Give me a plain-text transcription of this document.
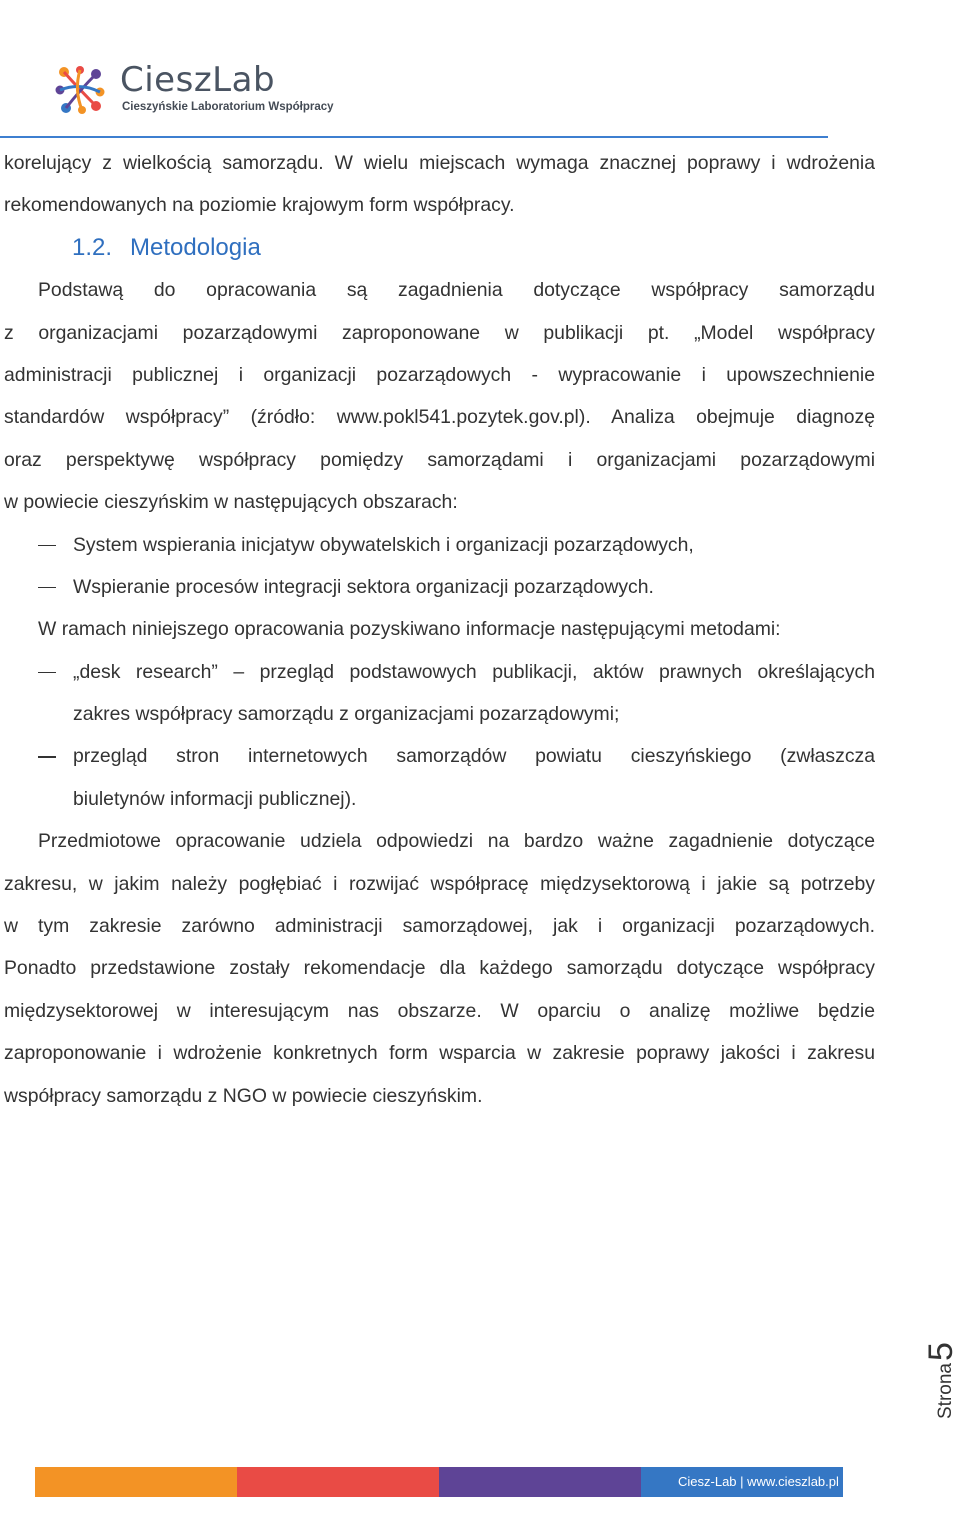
CieszLab
Cieszyńskie Laboratorium Współpracy
korelujący z wielkością samorządu. W wielu miejscach wymaga znacznej poprawy i wdrożenia
rekomendowanych na poziomie krajowym form współpracy.
1.2. Metodologia
Podstawą do opracowania są zagadnienia dotyczące współpracy samorządu
z organizacjami pozarządowymi zaproponowane w publikacji pt. „Model współpracy
administracji publicznej i organizacji pozarządowych - wypracowanie i upowszechnienie
standardów współpracy” (źródło: www.pokl541.pozytek.gov.pl). Analiza obejmuje diagnozę
oraz perspektywę współpracy pomiędzy samorządami i organizacjami pozarządowymi
w powiecie cieszyńskim w następujących obszarach:
System wspierania inicjatyw obywatelskich i organizacji pozarządowych,
Wspieranie procesów integracji sektora organizacji pozarządowych.
W ramach niniejszego opracowania pozyskiwano informacje następującymi metodami:
„desk research” – przegląd podstawowych publikacji, aktów prawnych określających
zakres współpracy samorządu z organizacjami pozarządowymi;
przegląd stron internetowych samorządów powiatu cieszyńskiego (zwłaszcza
biuletynów informacji publicznej).
Przedmiotowe opracowanie udziela odpowiedzi na bardzo ważne zagadnienie dotyczące
zakresu, w jakim należy pogłębiać i rozwijać współpracę międzysektorową i jakie są potrzeby
w tym zakresie zarówno administracji samorządowej, jak i organizacji pozarządowych.
Ponadto przedstawione zostały rekomendacje dla każdego samorządu dotyczące współpracy
międzysektorowej w interesującym nas obszarze. W oparciu o analizę możliwe będzie
zaproponowanie i wdrożenie konkretnych form wsparcia w zakresie poprawy jakości i zakresu
współpracy samorządu z NGO w powiecie cieszyńskim.
5
Strona
Ciesz-Lab | www.cieszlab.pl
